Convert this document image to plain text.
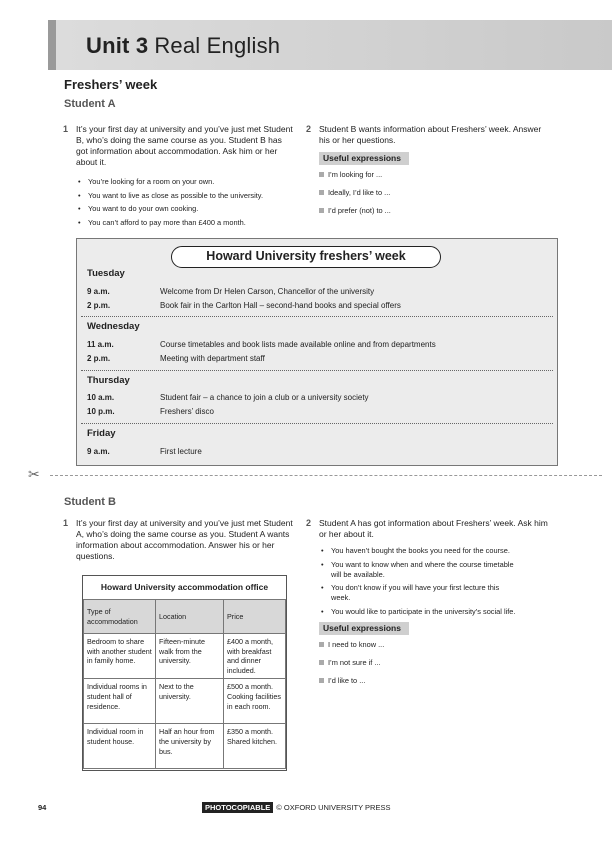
Unit 3 Real English
Freshers’ week
Student A
1 It’s your first day at university and you’ve just met Student B, who’s doing the same course as you. Student B has got information about accommodation. Ask him or her about it.
• You’re looking for a room on your own.
• You want to live as close as possible to the university.
• You want to do your own cooking.
• You can’t afford to pay more than £400 a month.
2 Student B wants information about Freshers’ week. Answer his or her questions.
Useful expressions
I’m looking for ...
Ideally, I’d like to ...
I’d prefer (not) to ...
Howard University freshers’ week
Tuesday
9 a.m.	Welcome from Dr Helen Carson, Chancellor of the university
2 p.m.	Book fair in the Carlton Hall – second-hand books and special offers
Wednesday
11 a.m.	Course timetables and book lists made available online and from departments
2 p.m.	Meeting with department staff
Thursday
10 a.m.	Student fair – a chance to join a club or a university society
10 p.m.	Freshers’ disco
Friday
9 a.m.	First lecture
✂
Student B
1 It’s your first day at university and you’ve just met Student A, who’s doing the same course as you. Student A wants information about accommodation. Answer his or her questions.
Howard University accommodation office
Type of accommodation	Location	Price
Bedroom to share with another student in family home.	Fifteen-minute walk from the university.	£400 a month, with breakfast and dinner included.
Individual rooms in student hall of residence.	Next to the university.	£500 a month. Cooking facilities in each room.
Individual room in student house.	Half an hour from the university by bus.	£350 a month. Shared kitchen.
2 Student A has got information about Freshers’ week. Ask him or her about it.
• You haven’t bought the books you need for the course.
• You want to know when and where the course timetable will be available.
• You don’t know if you will have your first lecture this week.
• You would like to participate in the university’s social life.
Useful expressions
I need to know ...
I’m not sure if ...
I’d like to ...
94	PHOTOCOPIABLE © OXFORD UNIVERSITY PRESS
